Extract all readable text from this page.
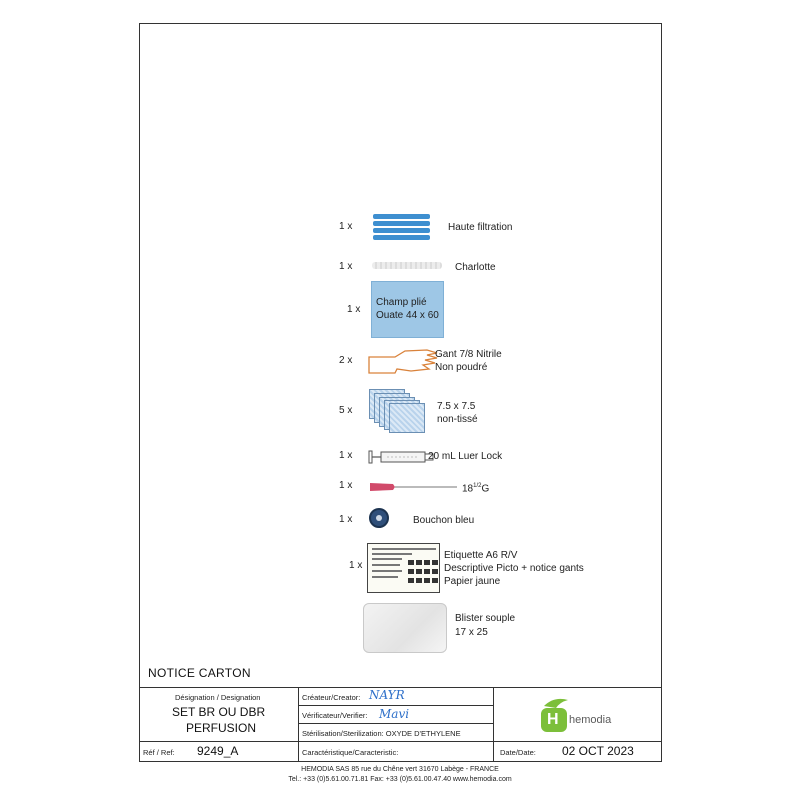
1 x	Haute filtration
1 x	Charlotte
1 x
Champ plié
Ouate 44 x 60
2 x
Gant 7/8 Nitrile
Non poudré
5 x	7.5 x 7.5
non-tissé
1 x	20 mL Luer Lock
1 x	$18^{1/2}G$
1 x	Bouchon bleu
1 x
Etiquette A6 R/V
Descriptive Picto + notice gants
Papier jaune
Blister souple
17 x 25
NOTICE CARTON
Désignation / Designation
SET BR OU DBR
PERFUSION
Créateur/Creator: NAYR
Vérificateur/Verifier: Mavi
Stérilisation/Sterilization: OXYDE D'ETHYLENE
H hemodia
Réf / Ref: 9249_A	Caractéristique/Caracteristic:	Date/Date: 02 OCT 2023
HEMODIA SAS 85 rue du Chêne vert 31670 Labège - FRANCE
Tel.: +33 (0)5.61.00.71.81 Fax: +33 (0)5.61.00.47.40 www.hemodia.com
